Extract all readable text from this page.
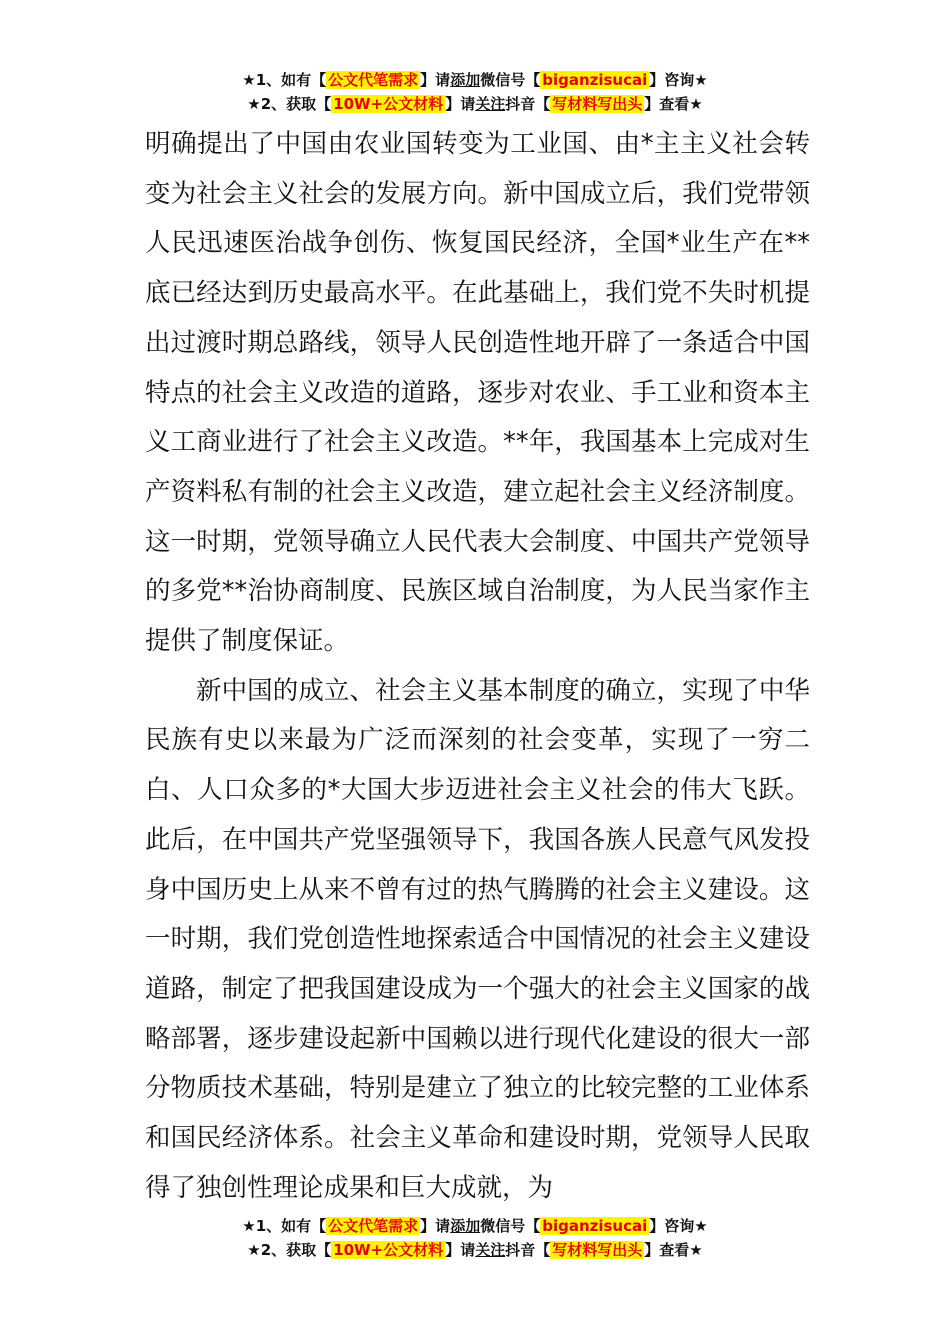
★1、如有【 公文代笔需求 】请添加微信号【 biganzisucai 】咨询★
★2、获取【 10W+公文材料 】请关注抖音【 写材料写出头 】查看★

明确提出了中国由农业国转变为工业国、由*主主义社会转变为社会主义社会的发展方向。新中国成立后，我们党带领人民迅速医治战争创伤、恢复国民经济，全国*业生产在**底已经达到历史最高水平。在此基础上，我们党不失时机提出过渡时期总路线，领导人民创造性地开辟了一条适合中国特点的社会主义改造的道路，逐步对农业、手工业和资本主义工商业进行了社会主义改造。**年，我国基本上完成对生产资料私有制的社会主义改造，建立起社会主义经济制度。这一时期，党领导确立人民代表大会制度、中国共产党领导的多党**治协商制度、民族区域自治制度，为人民当家作主提供了制度保证。

新中国的成立、社会主义基本制度的确立，实现了中华民族有史以来最为广泛而深刻的社会变革，实现了一穷二白、人口众多的*大国大步迈进社会主义社会的伟大飞跃。此后，在中国共产党坚强领导下，我国各族人民意气风发投身中国历史上从来不曾有过的热气腾腾的社会主义建设。这一时期，我们党创造性地探索适合中国情况的社会主义建设道路，制定了把我国建设成为一个强大的社会主义国家的战略部署，逐步建设起新中国赖以进行现代化建设的很大一部分物质技术基础，特别是建立了独立的比较完整的工业体系和国民经济体系。社会主义革命和建设时期，党领导人民取得了独创性理论成果和巨大成就，为

★1、如有【 公文代笔需求 】请添加微信号【 biganzisucai 】咨询★
★2、获取【 10W+公文材料 】请关注抖音【 写材料写出头 】查看★
